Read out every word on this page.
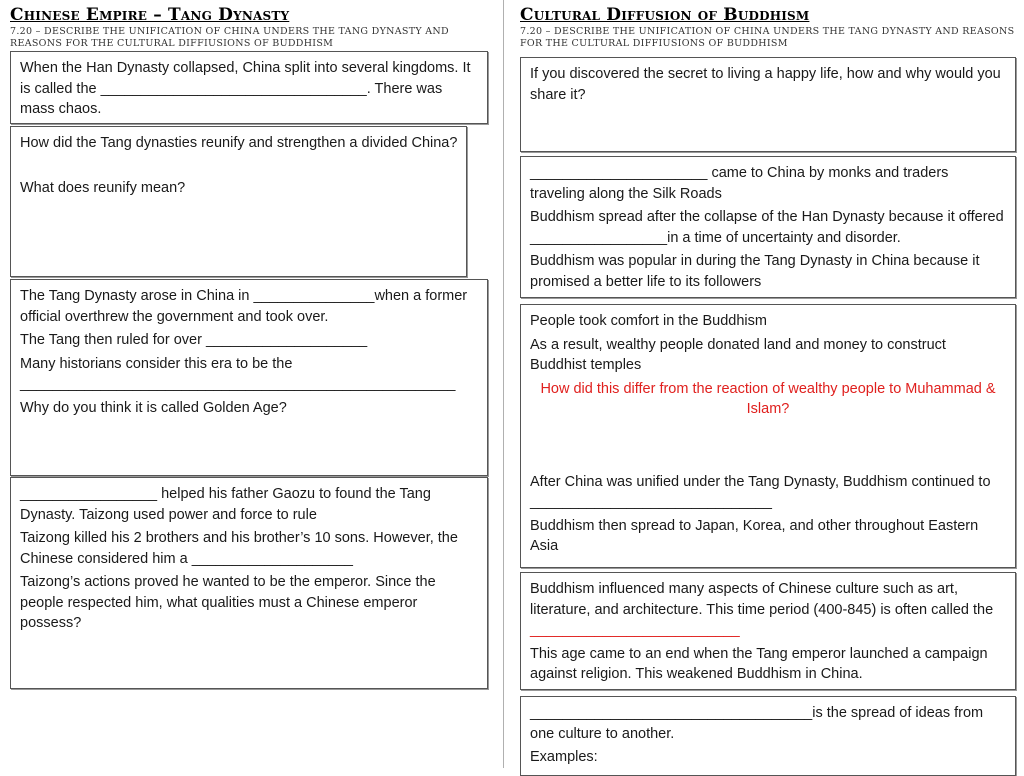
Chinese Empire – Tang Dynasty
7.20 – DESCRIBE THE UNIFICATION OF CHINA UNDERS THE TANG DYNASTY AND REASONS FOR THE CULTURAL DIFFIUSIONS OF BUDDHISM

When the Han Dynasty collapsed, China split into several kingdoms. It is called the _________________________________. There was mass chaos.

How did the Tang dynasties reunify and strengthen a divided China?

What does reunify mean?

The Tang Dynasty arose in China in _______________when a former official overthrew the government and took over.

The Tang then ruled for over ____________________

Many historians consider this era to be the
______________________________________________________

Why do you think it is called Golden Age?

_________________ helped his father Gaozu to found the Tang Dynasty. Taizong used power and force to rule

Taizong killed his 2 brothers and his brother’s 10 sons. However, the Chinese considered him a ____________________

Taizong’s actions proved he wanted to be the emperor. Since the people respected him, what qualities must a Chinese emperor possess?

Cultural Diffusion of Buddhism
7.20 – DESCRIBE THE UNIFICATION OF CHINA UNDERS THE TANG DYNASTY AND REASONS FOR THE CULTURAL DIFFIUSIONS OF BUDDHISM

If you discovered the secret to living a happy life, how and why would you share it?

______________________ came to China by monks and traders traveling along the Silk Roads

Buddhism spread after the collapse of the Han Dynasty because it offered _________________in a time of uncertainty and disorder.

Buddhism was popular in during the Tang Dynasty in China because it promised a better life to its followers

People took comfort in the Buddhism

As a result, wealthy people donated land and money to construct Buddhist temples

How did this differ from the reaction of wealthy people to Muhammad & Islam?

After China was unified under the Tang Dynasty, Buddhism continued to ______________________________

Buddhism then spread to Japan, Korea, and other throughout Eastern Asia

Buddhism influenced many aspects of Chinese culture such as art, literature, and architecture. This time period (400-845) is often called the __________________________

This age came to an end when the Tang emperor launched a campaign against religion. This weakened Buddhism in China.

___________________________________is the spread of ideas from one culture to another.

Examples:
